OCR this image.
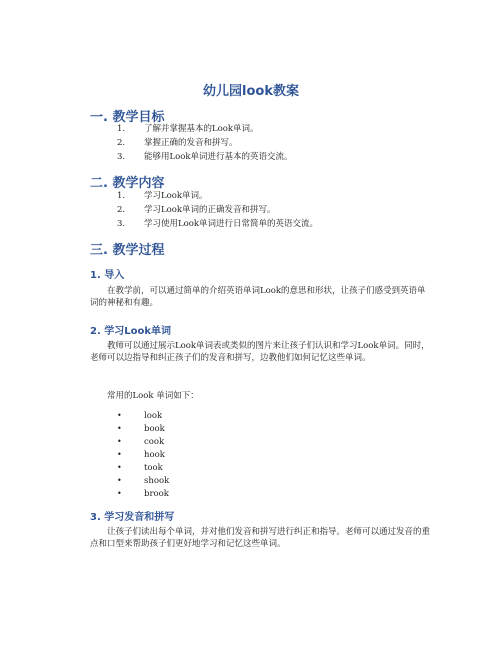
幼儿园look教案
一. 教学目标
1. 了解并掌握基本的Look单词。
2. 掌握正确的发音和拼写。
3. 能够用Look单词进行基本的英语交流。
二. 教学内容
1. 学习Look单词。
2. 学习Look单词的正确发音和拼写。
3. 学习使用Look单词进行日常简单的英语交流。
三. 教学过程
1. 导入
在教学前，可以通过简单的介绍英语单词Look的意思和形状，让孩子们感受到英语单词的神秘和有趣。
2. 学习Look单词
教师可以通过展示Look单词表或类似的图片来让孩子们认识和学习Look单词。同时，老师可以边指导和纠正孩子们的发音和拼写，边教他们如何记忆这些单词。
常用的Look 单词如下：
•	look
•	book
•	cook
•	hook
•	took
•	shook
•	brook
3. 学习发音和拼写
让孩子们读出每个单词，并对他们发音和拼写进行纠正和指导。老师可以通过发音的重点和口型来帮助孩子们更好地学习和记忆这些单词。
